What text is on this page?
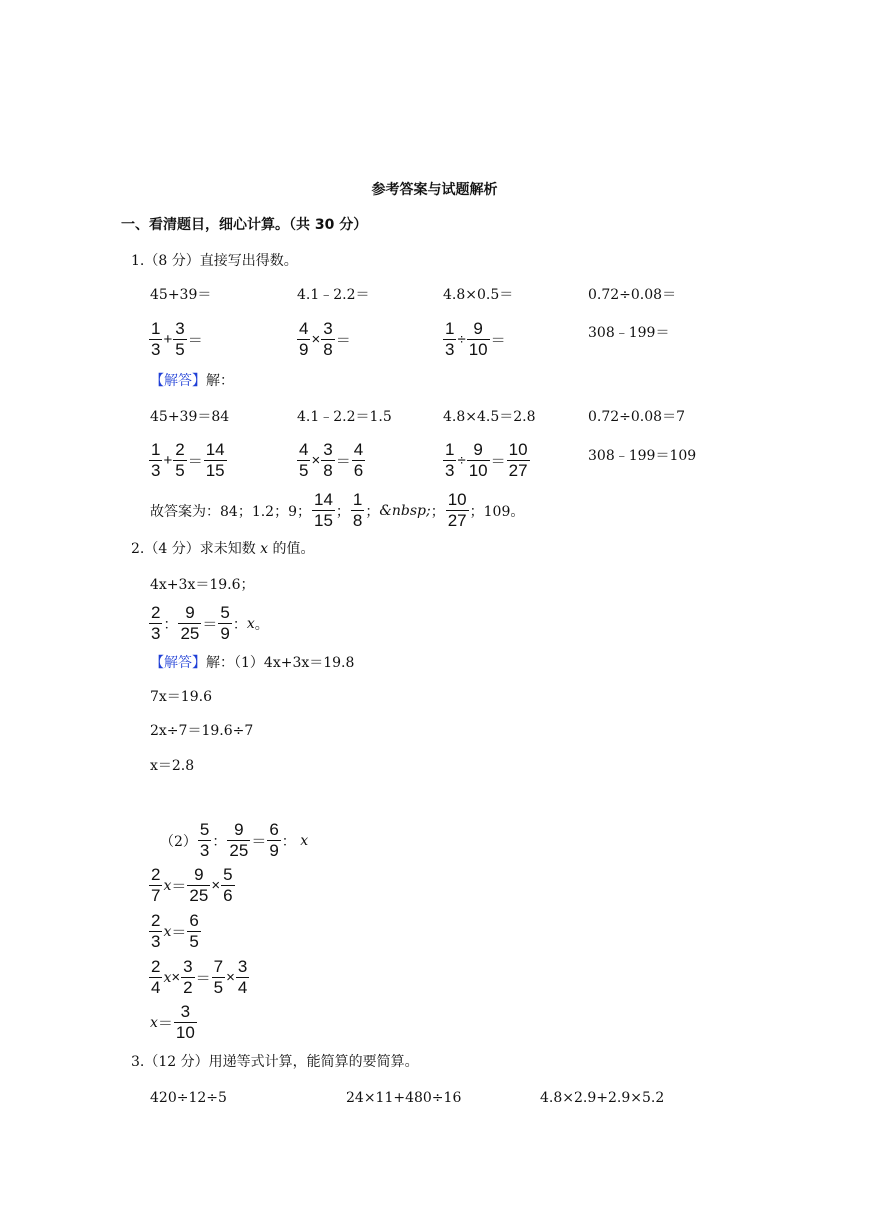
参考答案与试题解析
一、看清题目，细心计算。（共 30 分）
1.（8 分）直接写出得数。
45+39＝	4.1﹣2.2＝	4.8×0.5＝	0.72÷0.08＝
$\frac{1}{3} + \frac{3}{5}$ ＝	$\frac{4}{9} \times \frac{3}{8}$ ＝	$\frac{1}{3} \div \frac{9}{10}$ ＝	308﹣199＝
【解答】解：
45+39＝84	4.1﹣2.2＝1.5	4.8×4.5＝2.8	0.72÷0.08＝7
$\frac{1}{3} + \frac{2}{5} = \frac{14}{15}$	$\frac{4}{5} \times \frac{3}{8} = \frac{4}{6}$	$\frac{1}{3} \div \frac{9}{10} = \frac{10}{27}$	308﹣199＝109
故答案为：84；1.2；9； $\frac{14}{15}$ ； $\frac{1}{8}$ ； &nbsp; ； $\frac{10}{27}$ ； 109。
2.（4 分）求未知数 x 的值。
4x+3x＝19.6；
$\frac{2}{3}$ ： $\frac{9}{25} = \frac{5}{9}$ ： x 。
【解答】解：（1）4x+3x＝19.8
7x＝19.6
2x÷7＝19.6÷7
x＝2.8
$(2) \frac{5}{3}$ ： $\frac{9}{25} = \frac{6}{9}$ ：
x
$\frac{2}{7}$ $x = \frac{9}{25} \times \frac{5}{6}$
$\frac{2}{3}$ $x = \frac{6}{5}$
$\frac{2}{4}$ $x \times \frac{3}{2} = \frac{7}{5} \times \frac{3}{4}$
$x = \frac{3}{10}$
3.（12 分）用递等式计算，能简算的要简算。
420÷12÷5	24×11+480÷16	4.8×2.9+2.9×5.2
